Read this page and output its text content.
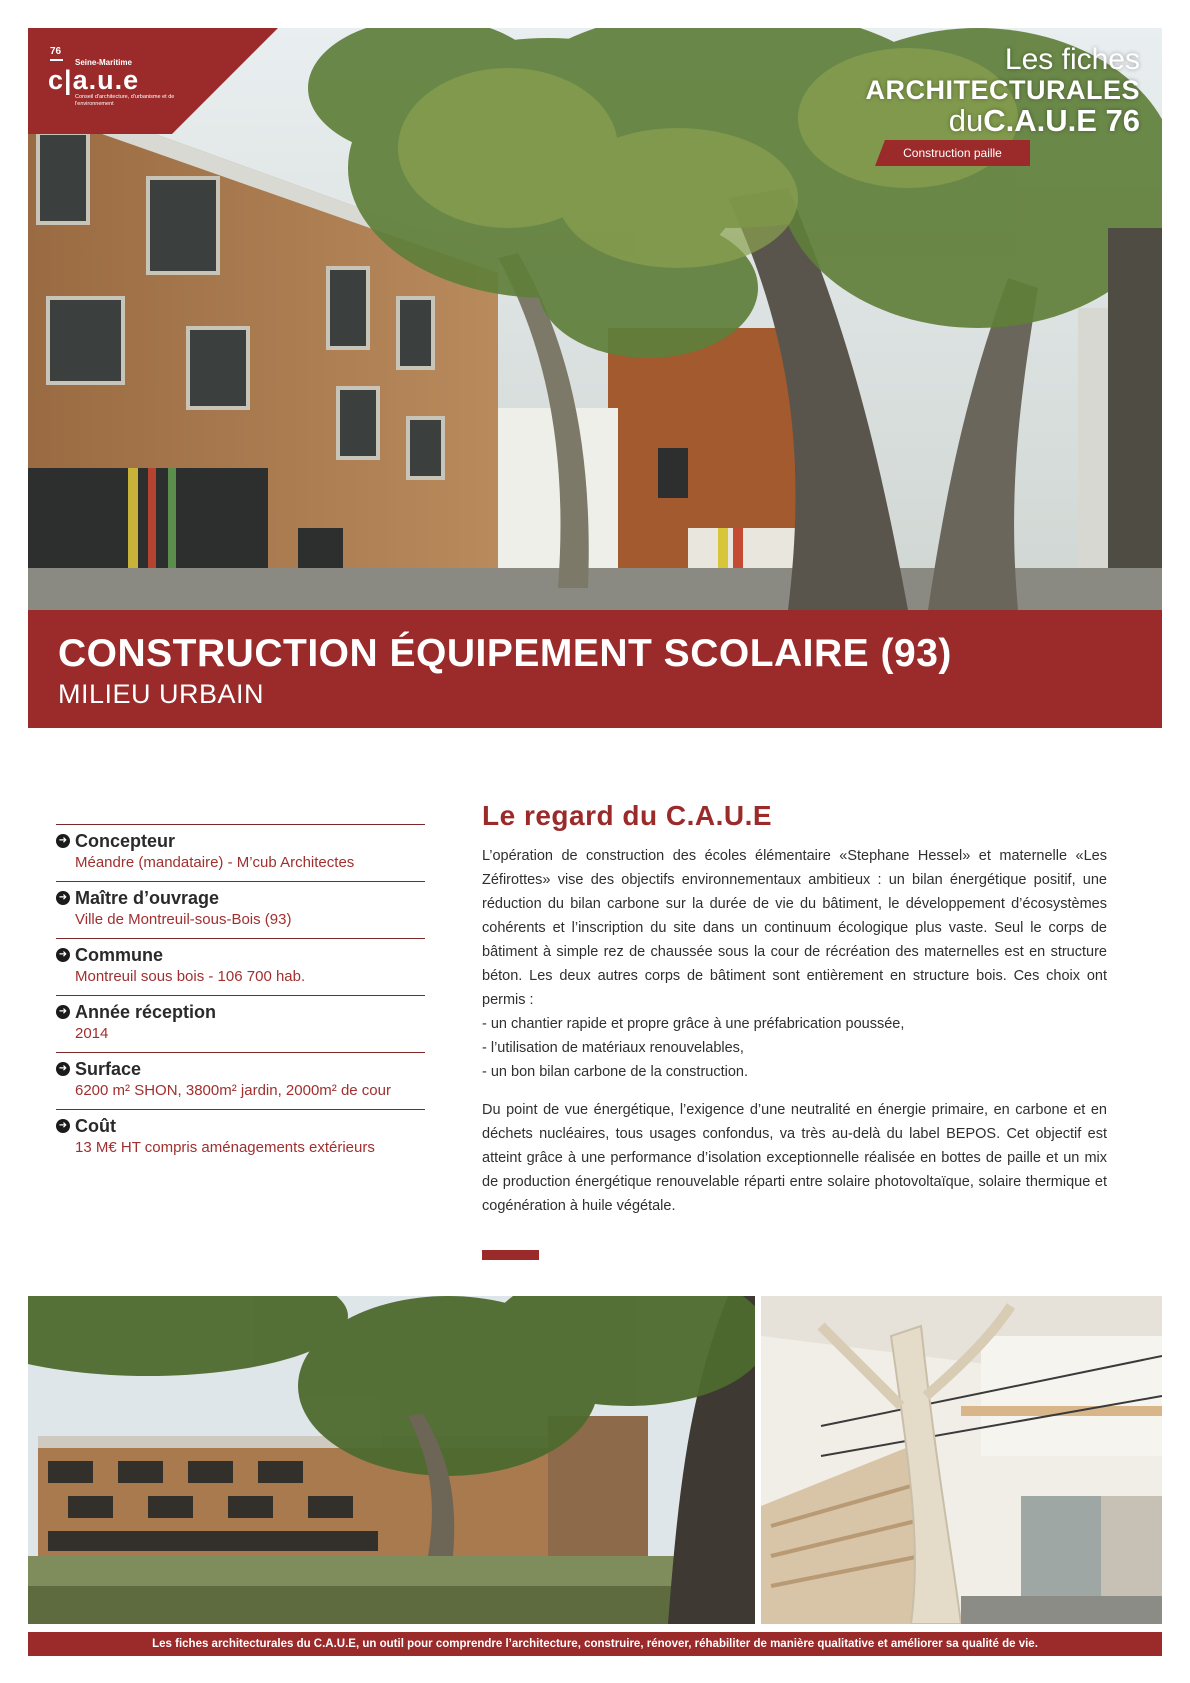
76
Seine-Maritime
c|a.u.e
Conseil d'architecture, d'urbanisme et de l'environnement
Les fiches
ARCHITECTURALES
duC.A.U.E 76
Construction paille
CONSTRUCTION ÉQUIPEMENT SCOLAIRE (93)
MILIEU URBAIN
➜ Concepteur
Méandre (mandataire) - M’cub Architectes
➜ Maître d’ouvrage
Ville de Montreuil-sous-Bois (93)
➜ Commune
Montreuil sous bois - 106 700 hab.
➜ Année réception
2014
➜ Surface
6200 m² SHON, 3800m² jardin, 2000m² de cour
➜ Coût
13 M€ HT compris aménagements extérieurs
Le regard du C.A.U.E

L’opération de construction des écoles élémentaire «Stephane Hessel» et maternelle «Les Zéfirottes» vise des objectifs environnementaux ambitieux : un bilan énergétique positif, une réduction du bilan carbone sur la durée de vie du bâtiment, le développement d’écosystèmes cohérents et l’inscription du site dans un continuum écologique plus vaste. Seul le corps de bâtiment à simple rez de chaussée sous la cour de récréation des maternelles est en structure béton. Les deux autres corps de bâtiment sont entièrement en structure bois. Ces choix ont permis :

- un chantier rapide et propre grâce à une préfabrication poussée,

- l’utilisation de matériaux renouvelables,

- un bon bilan carbone de la construction.

Du point de vue énergétique, l’exigence d’une neutralité en énergie primaire, en carbone et en déchets nucléaires, tous usages confondus, va très au-delà du label BEPOS. Cet objectif est atteint grâce à une performance d’isolation exceptionnelle réalisée en bottes de paille et un mix de production énergétique renouvelable réparti entre solaire photovoltaïque, solaire thermique et cogénération à huile végétale.

Les fiches architecturales du C.A.U.E, un outil pour comprendre l’architecture, construire, rénover, réhabiliter de manière qualitative et améliorer sa qualité de vie.
